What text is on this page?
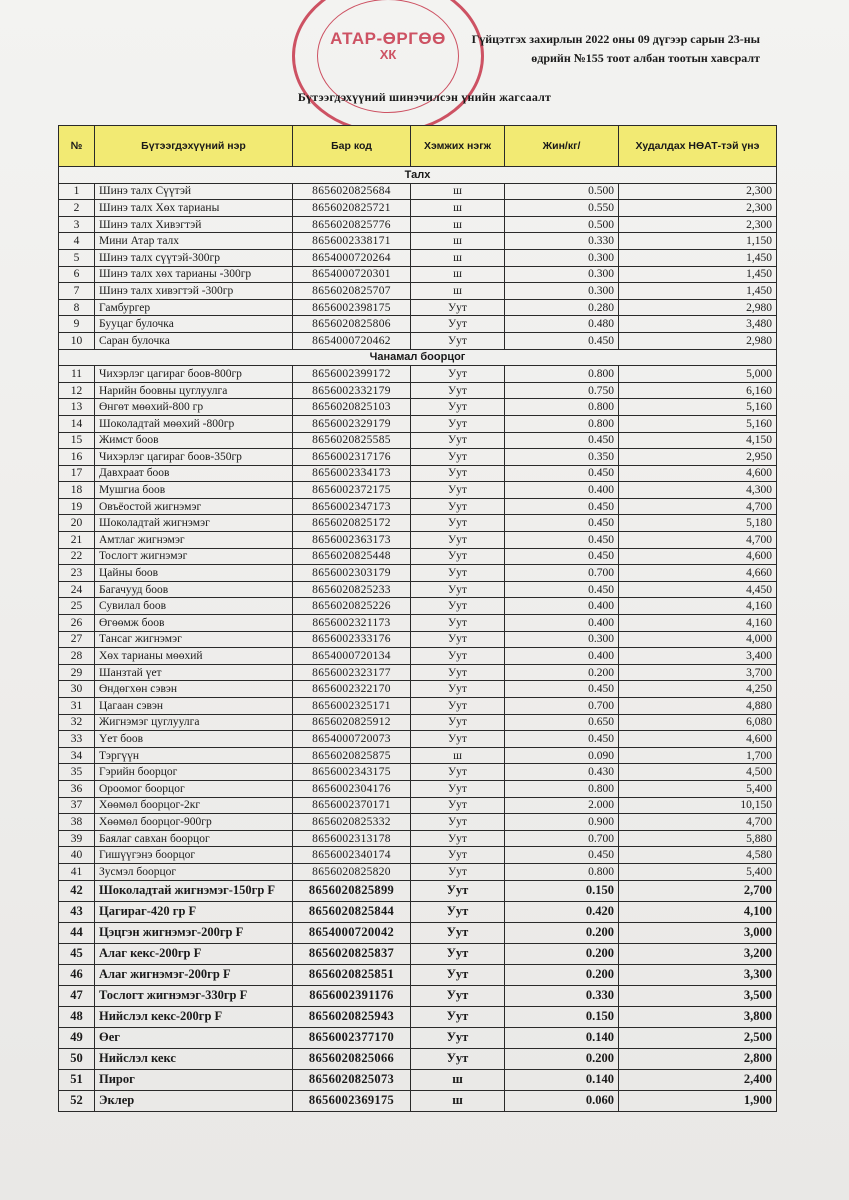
АТАР-ӨРГӨӨ
ХК
Гүйцэтгэх захирлын 2022 оны 09 дүгээр сарын 23-ны
өдрийн №155 тоот албан тоотын хавсралт
Бүтээгдэхүүний шинэчилсэн үнийн жагсаалт
№	Бүтээгдэхүүний нэр	Бар код	Хэмжих нэгж	Жин/кг/	Худалдах НӨАТ-тэй үнэ
Талх					
1	Шинэ талх Сүүтэй	8656020825684	ш	0.500	2,300
2	Шинэ талх Хөх тарианы	8656020825721	ш	0.550	2,300
3	Шинэ талх Хивэгтэй	8656020825776	ш	0.500	2,300
4	Мини Атар талх	8656002338171	ш	0.330	1,150
5	Шинэ талх сүүтэй-300гр	8654000720264	ш	0.300	1,450
6	Шинэ талх хөх тарианы -300гр	8654000720301	ш	0.300	1,450
7	Шинэ талх хивэгтэй -300гр	8656020825707	ш	0.300	1,450
8	Гамбургер	8656002398175	Уут	0.280	2,980
9	Бууцаг булочка	8656020825806	Уут	0.480	3,480
10	Саран булочка	8654000720462	Уут	0.450	2,980
Чанамал боорцог					
11	Чихэрлэг цагираг боов-800гр	8656002399172	Уут	0.800	5,000
12	Нарийн боовны цуглуулга	8656002332179	Уут	0.750	6,160
13	Өнгөт мөөхий-800 гр	8656020825103	Уут	0.800	5,160
14	Шоколадтай мөөхий -800гр	8656002329179	Уут	0.800	5,160
15	Жимст боов	8656020825585	Уут	0.450	4,150
16	Чихэрлэг цагираг боов-350гр	8656002317176	Уут	0.350	2,950
17	Давхраат боов	8656002334173	Уут	0.450	4,600
18	Мушгиа боов	8656002372175	Уут	0.400	4,300
19	Овъёостой жигнэмэг	8656002347173	Уут	0.450	4,700
20	Шоколадтай жигнэмэг	8656020825172	Уут	0.450	5,180
21	Амтлаг жигнэмэг	8656002363173	Уут	0.450	4,700
22	Тослогт жигнэмэг	8656020825448	Уут	0.450	4,600
23	Цайны боов	8656002303179	Уут	0.700	4,660
24	Багачууд боов	8656020825233	Уут	0.450	4,450
25	Сувилал боов	8656020825226	Уут	0.400	4,160
26	Өгөөмж боов	8656002321173	Уут	0.400	4,160
27	Тансаг жигнэмэг	8656002333176	Уут	0.300	4,000
28	Хөх тарианы мөөхий	8654000720134	Уут	0.400	3,400
29	Шанзтай үет	8656002323177	Уут	0.200	3,700
30	Өндөгхөн сэвэн	8656002322170	Уут	0.450	4,250
31	Цагаан сэвэн	8656002325171	Уут	0.700	4,880
32	Жигнэмэг цуглуулга	8656020825912	Уут	0.650	6,080
33	Үет боов	8654000720073	Уут	0.450	4,600
34	Тэргүүн	8656020825875	ш	0.090	1,700
35	Гэрийн боорцог	8656002343175	Уут	0.430	4,500
36	Ороомог боорцог	8656002304176	Уут	0.800	5,400
37	Хөөмөл боорцог-2кг	8656002370171	Уут	2.000	10,150
38	Хөөмөл боорцог-900гр	8656020825332	Уут	0.900	4,700
39	Баялаг савхан боорцог	8656002313178	Уут	0.700	5,880
40	Гишүүгэнэ боорцог	8656002340174	Уут	0.450	4,580
41	Зусмэл боорцог	8656020825820	Уут	0.800	5,400
42	Шоколадтай жигнэмэг-150гр F	8656020825899	Уут	0.150	2,700
43	Цагираг-420 гр F	8656020825844	Уут	0.420	4,100
44	Цэцгэн жигнэмэг-200гр F	8654000720042	Уут	0.200	3,000
45	Алаг кекс-200гр F	8656020825837	Уут	0.200	3,200
46	Алаг жигнэмэг-200гр F	8656020825851	Уут	0.200	3,300
47	Тослогт жигнэмэг-330гр F	8656002391176	Уут	0.330	3,500
48	Нийслэл кекс-200гр F	8656020825943	Уут	0.150	3,800
49	Өег	8656002377170	Уут	0.140	2,500
50	Нийслэл кекс	8656020825066	Уут	0.200	2,800
51	Пирог	8656020825073	ш	0.140	2,400
52	Эклер	8656002369175	ш	0.060	1,900
